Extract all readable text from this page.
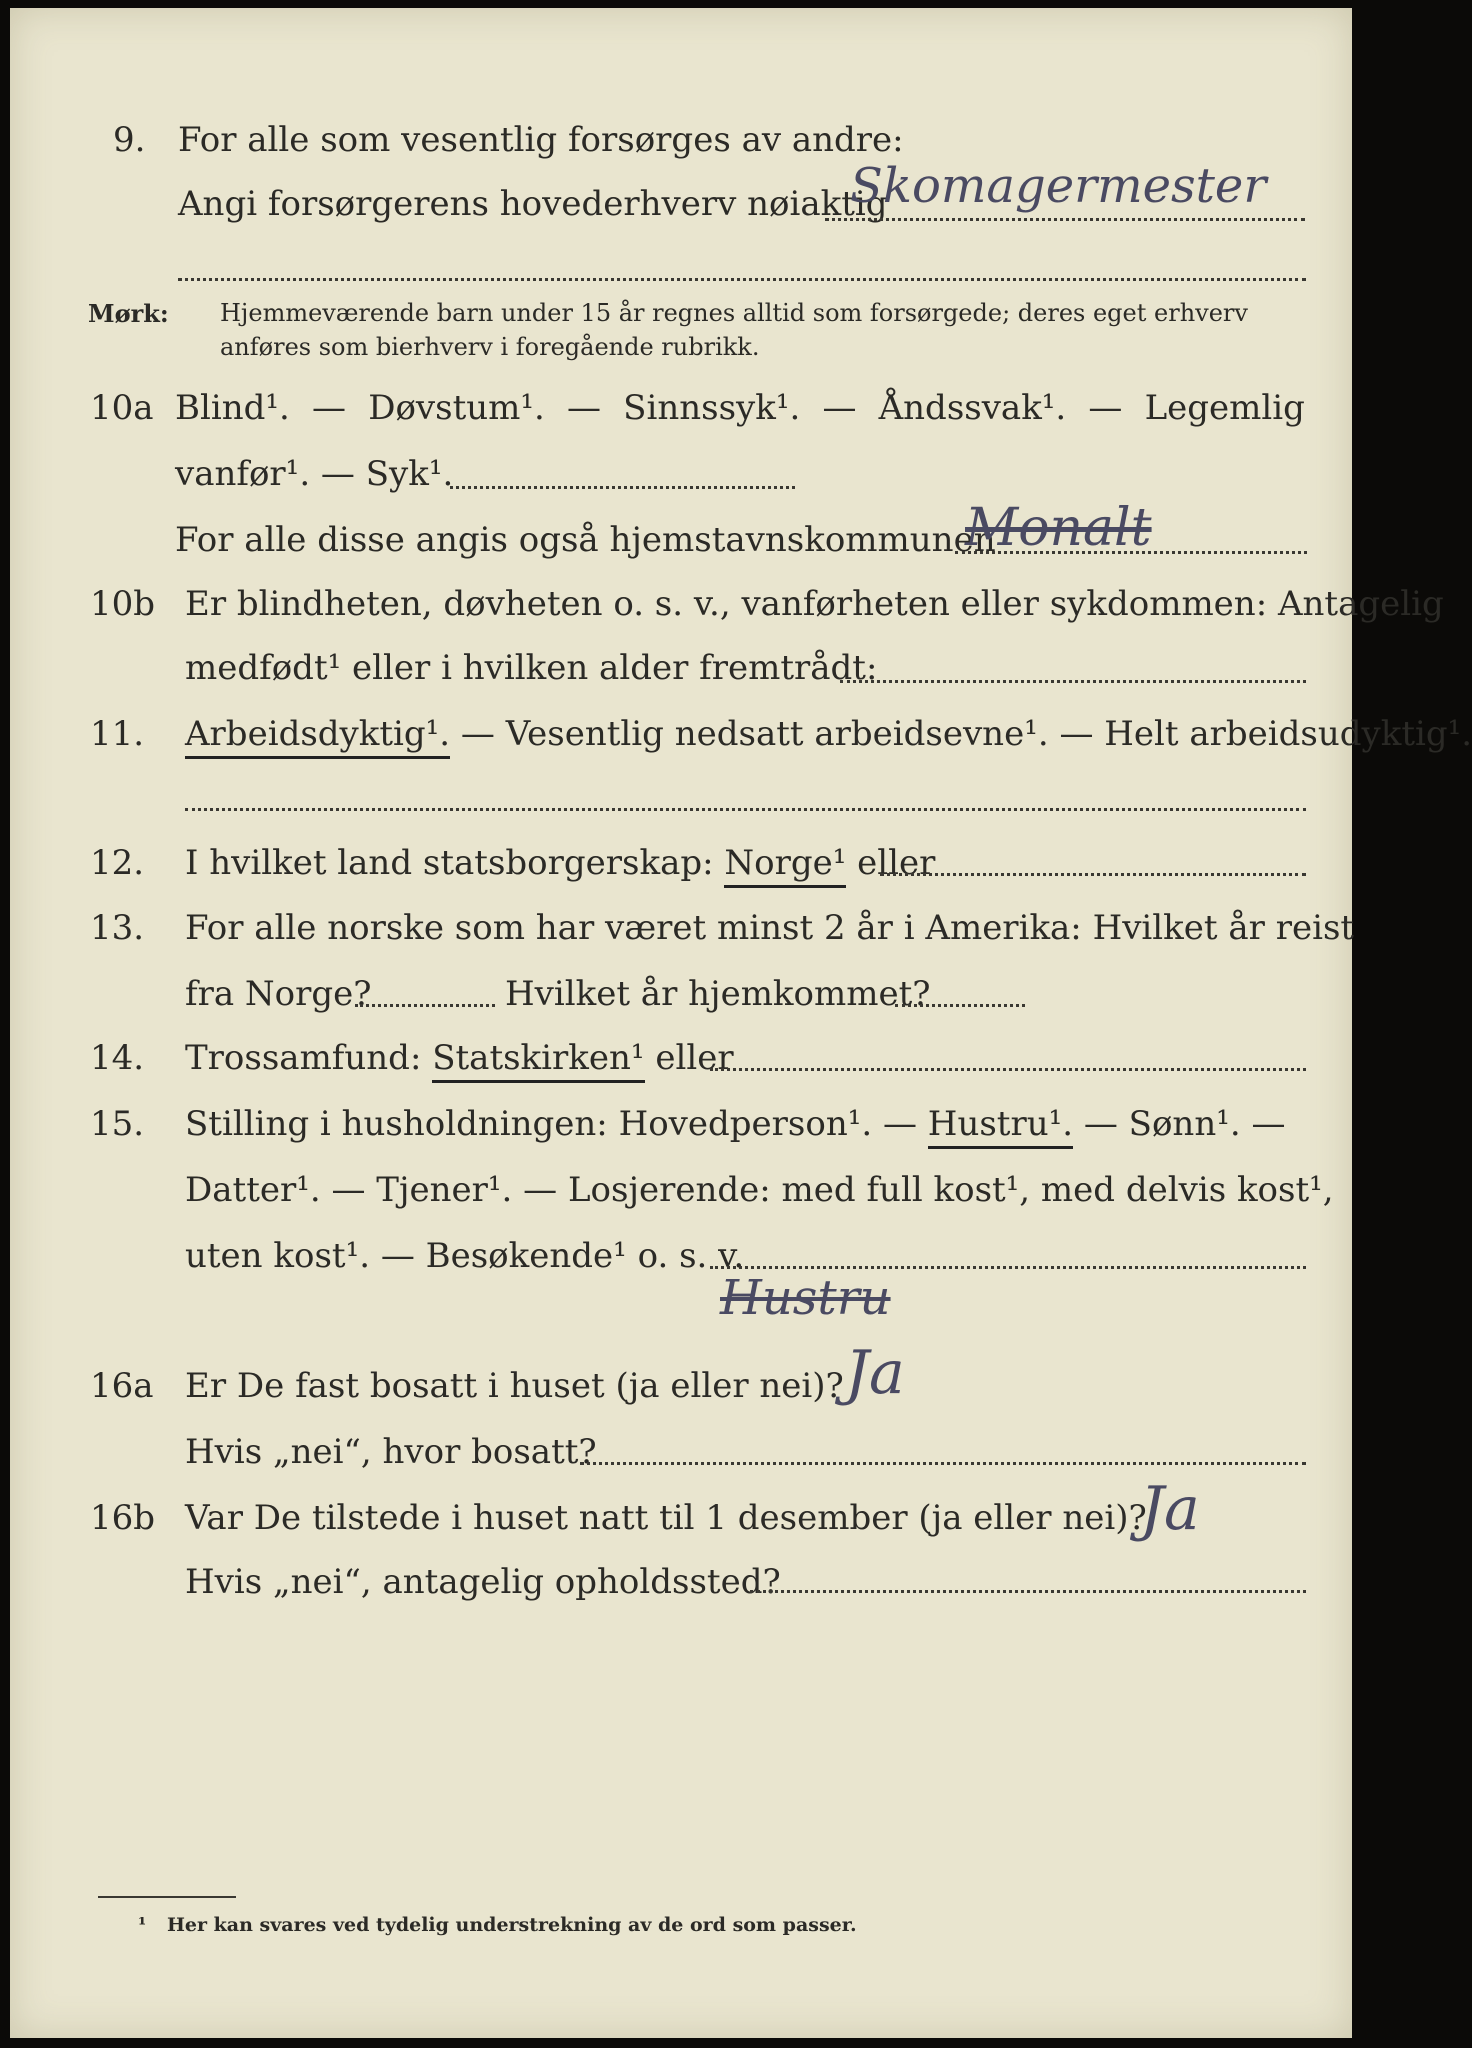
9. For alle som vesentlig forsørges av andre:
Angi forsørgerens hovederhverv nøiaktig
Skomagermester
Mørk: Hjemmeværende barn under 15 år regnes alltid som forsørgede; deres eget erhverv
anføres som bierhverv i foregående rubrikk.
10a Blind¹. — Døvstum¹. — Sinnssyk¹. — Åndssvak¹. — Legemlig
vanfør¹. — Syk¹.
For alle disse angis også hjemstavnskommunen
Monalt
10b Er blindheten, døvheten o. s. v., vanførheten eller sykdommen: Antagelig
medfødt¹ eller i hvilken alder fremtrådt:
11. Arbeidsdyktig¹. — Vesentlig nedsatt arbeidsevne¹. — Helt arbeidsudyktig¹.
12. I hvilket land statsborgerskap: Norge¹ eller
13. For alle norske som har været minst 2 år i Amerika: Hvilket år reist
fra Norge?	Hvilket år hjemkommet?
14. Trossamfund: Statskirken¹ eller
15. Stilling i husholdningen: Hovedperson¹. — Hustru¹. — Sønn¹. —
Datter¹. — Tjener¹. — Losjerende: med full kost¹, med delvis kost¹,
uten kost¹. — Besøkende¹ o. s. v.
Hustru
16a Er De fast bosatt i huset (ja eller nei)? Ja
Hvis „nei“, hvor bosatt?
16b Var De tilstede i huset natt til 1 desember (ja eller nei)?
Ja
Hvis „nei“, antagelig opholdssted?
¹ Her kan svares ved tydelig understrekning av de ord som passer.
